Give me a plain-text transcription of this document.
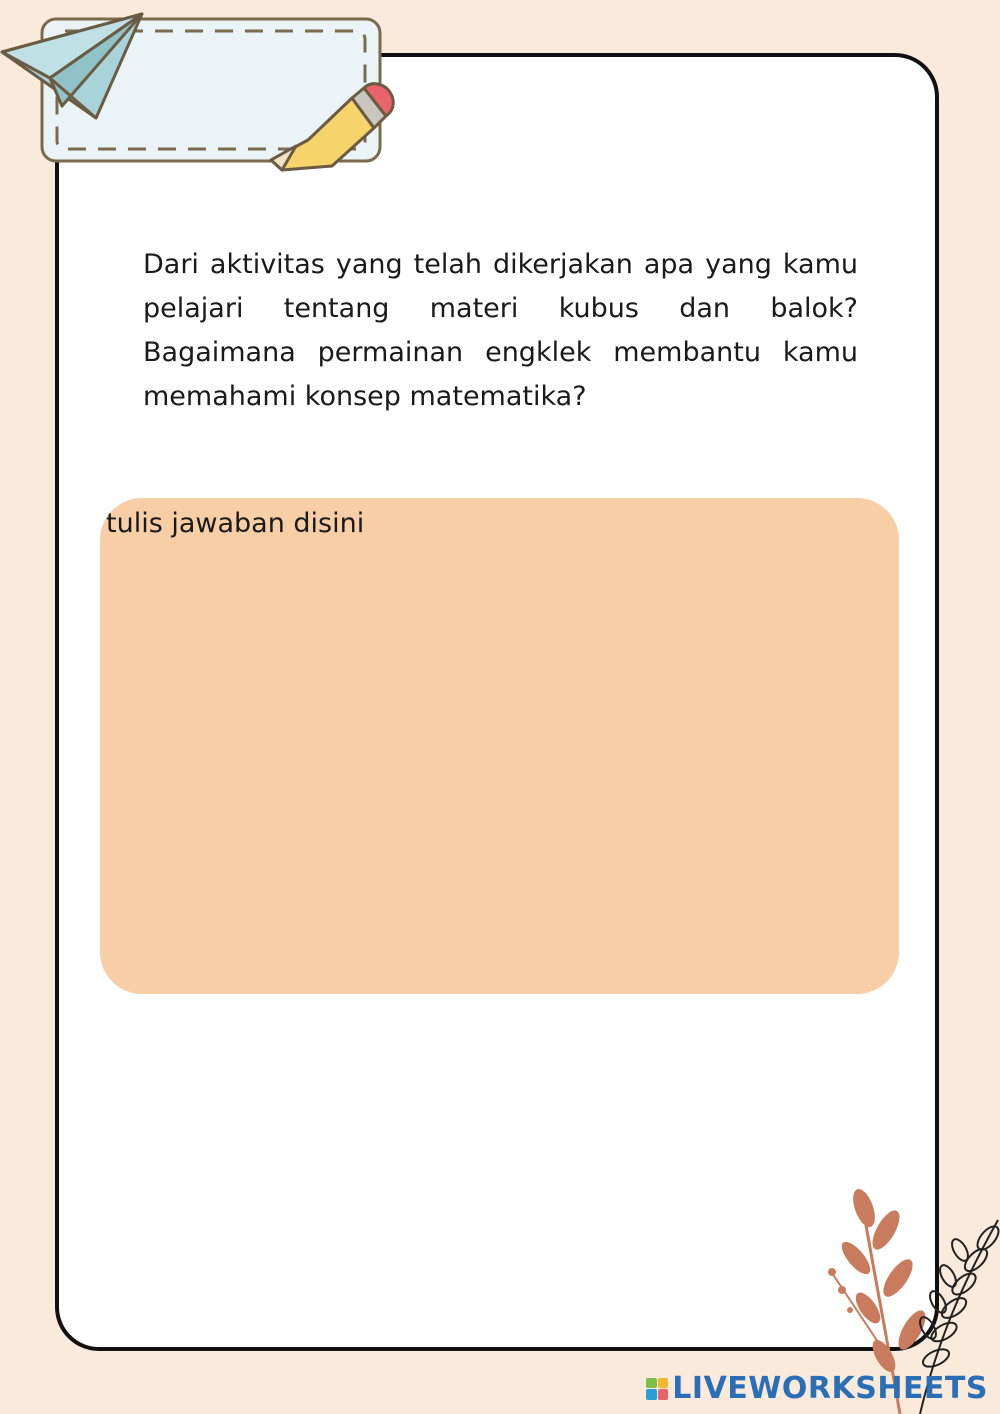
Dari aktivitas yang telah dikerjakan apa yang kamu pelajari tentang materi kubus dan balok? Bagaimana permainan engklek membantu kamu memahami konsep matematika?

tulis jawaban disini
LIVEWORKSHEETS
